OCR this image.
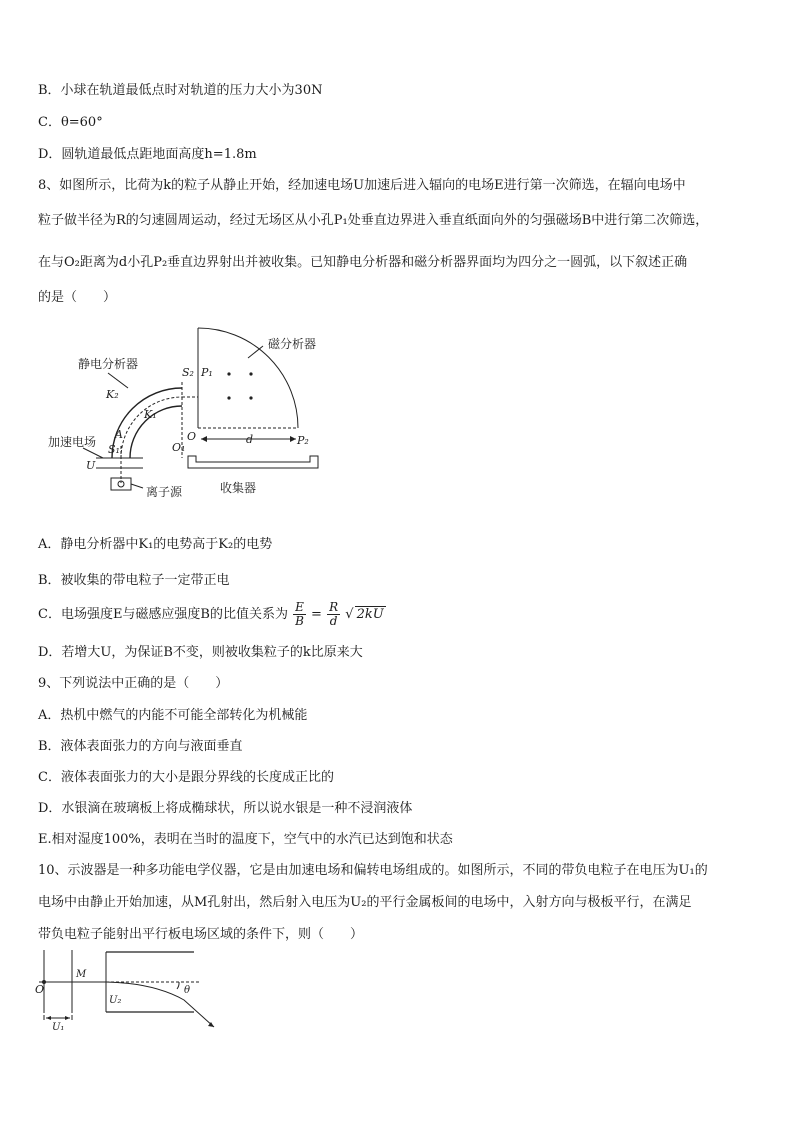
B．小球在轨道最低点时对轨道的压力大小为30N
C．θ=60°
D．圆轨道最低点距地面高度h=1.8m
8、如图所示，比荷为k的粒子从静止开始，经加速电场U加速后进入辐向的电场E进行第一次筛选，在辐向电场中
粒子做半径为R的匀速圆周运动，经过无场区从小孔P₁处垂直边界进入垂直纸面向外的匀强磁场B中进行第二次筛选，
在与O₂距离为d小孔P₂垂直边界射出并被收集。已知静电分析器和磁分析器界面均为四分之一圆弧，以下叙述正确
的是（　　）
静电分析器
磁分析器
加速电场
离子源	收集器
K₂
K₁
S₂
S₁
A
P₁
P₂
O
O₁
d
U
A．静电分析器中K₁的电势高于K₂的电势
B．被收集的带电粒子一定带正电
C．电场强度E与磁感应强度B的比值关系为 $\frac{E}{B} = \frac{R}{d}$ √ 2kU
D．若增大U，为保证B不变，则被收集粒子的k比原来大
9、下列说法中正确的是（　　）
A．热机中燃气的内能不可能全部转化为机械能
B．液体表面张力的方向与液面垂直
C．液体表面张力的大小是跟分界线的长度成正比的
D．水银滴在玻璃板上将成椭球状，所以说水银是一种不浸润液体
E.相对湿度100%，表明在当时的温度下，空气中的水汽已达到饱和状态
10、示波器是一种多功能电学仪器，它是由加速电场和偏转电场组成的。如图所示，不同的带负电粒子在电压为U₁的
电场中由静止开始加速，从M孔射出，然后射入电压为U₂的平行金属板间的电场中，入射方向与极板平行，在满足
带负电粒子能射出平行板电场区域的条件下，则（　　）
O
M
U₁
U₂
θ
